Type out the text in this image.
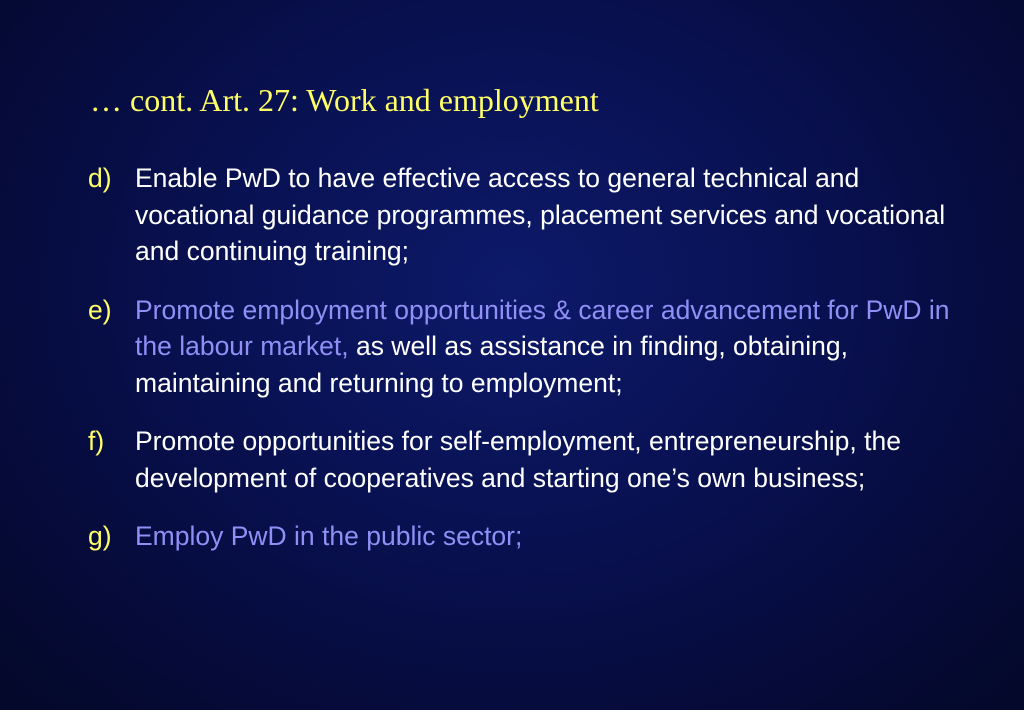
… cont. Art. 27: Work and employment
d) Enable PwD to have effective access to general technical and vocational guidance programmes, placement services and vocational and continuing training;
e) Promote employment opportunities & career advancement for PwD in the labour market, as well as assistance in finding, obtaining, maintaining and returning to employment;
f) Promote opportunities for self-employment, entrepreneurship, the development of cooperatives and starting one’s own business;
g) Employ PwD in the public sector;
